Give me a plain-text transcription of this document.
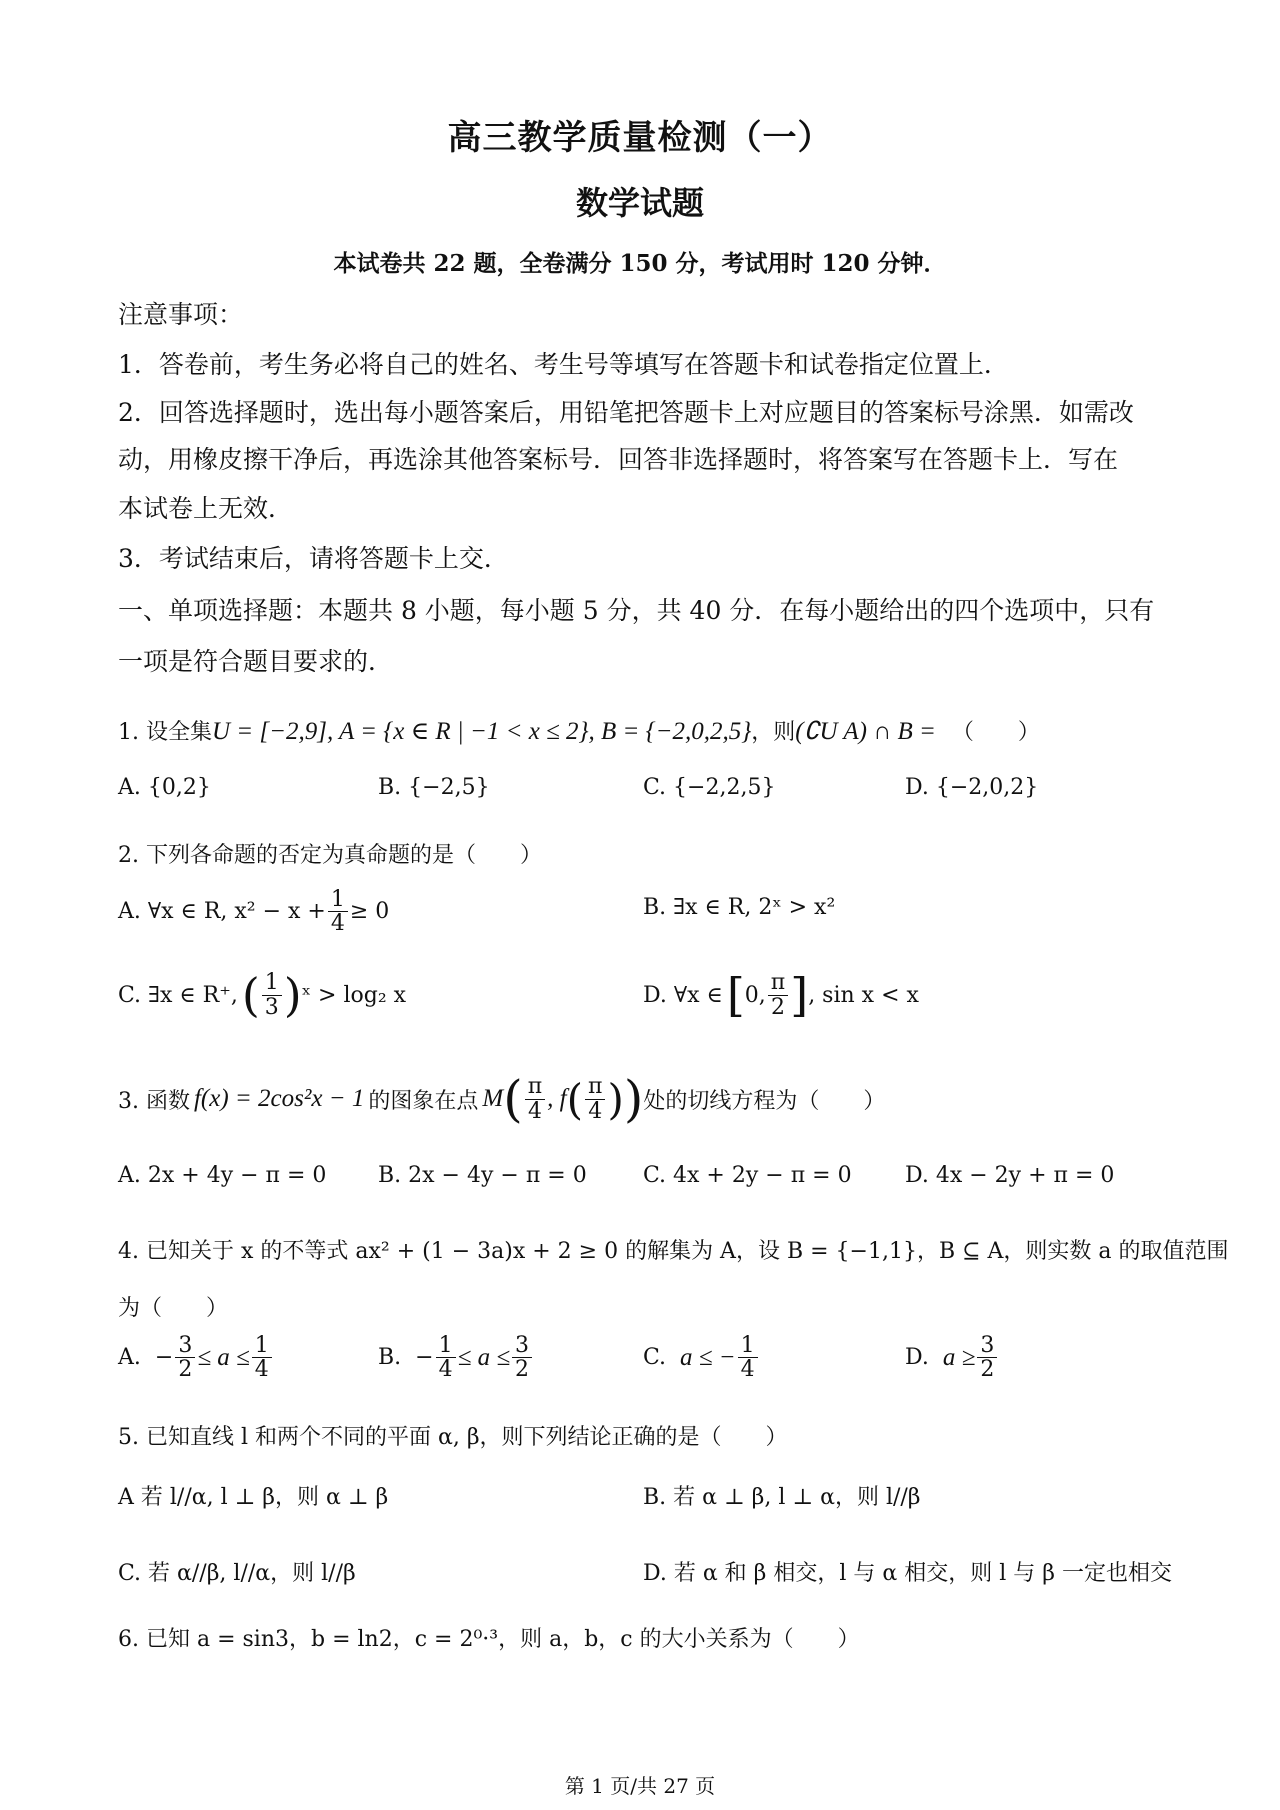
高三教学质量检测（一）
数学试题
本试卷共 22 题，全卷满分 150 分，考试用时 120 分钟．
注意事项：
1．答卷前，考生务必将自己的姓名、考生号等填写在答题卡和试卷指定位置上．
2．回答选择题时，选出每小题答案后，用铅笔把答题卡上对应题目的答案标号涂黑．如需改
动，用橡皮擦干净后，再选涂其他答案标号．回答非选择题时，将答案写在答题卡上．写在
本试卷上无效．
3．考试结束后，请将答题卡上交．
一、单项选择题：本题共 8 小题，每小题 5 分，共 40 分．在每小题给出的四个选项中，只有
一项是符合题目要求的．
1. 设全集U = [−2,9], A = {x ∈ R | −1 < x ≤ 2}, B = {−2,0,2,5}，则(∁U A) ∩ B = （　　）
A. {0,2}	B. {−2,5}	C. {−2,2,5}	D. {−2,0,2}
2. 下列各命题的否定为真命题的是（　　）
A. ∀x ∈ R, $x^2 - x + \frac{1}{4} \ge 0$	B. ∃x ∈ R, 2ˣ > x²
C. ∃x ∈ R⁺, ( $\frac{1}{3}$ ) ˣ > log₂ x	D. ∀x ∈ [ 0, $\frac{\pi}{2}$ ] , sin x < x
3. 函数 f(x) = 2cos²x − 1 的图象在点 M ( $\frac{\pi}{4}$ , f ( $\frac{\pi}{4}$ ) ) 处的切线方程为（　　）
A. 2x + 4y − π = 0 B. 2x − 4y − π = 0	C. 4x + 2y − π = 0 D. 4x − 2y + π = 0
4. 已知关于 x 的不等式 ax² + (1 − 3a)x + 2 ≥ 0 的解集为 A，设 B = {−1,1}，B ⊆ A，则实数 a 的取值范围
为（　　）
A.  − $\frac{3}{2} \le a \le \frac{1}{4}$	B.  − $\frac{1}{4} \le a \le \frac{3}{2}$	C. a ≤ − $\frac{1}{4}$	D. $a \ge \frac{3}{2}$
5. 已知直线 l 和两个不同的平面 α, β，则下列结论正确的是（　　）
A 若 l//α, l ⊥ β，则 α ⊥ β	B. 若 α ⊥ β, l ⊥ α，则 l//β
C. 若 α//β, l//α，则 l//β	D. 若 α 和 β 相交，l 与 α 相交，则 l 与 β 一定也相交
6. 已知 a = sin3，b = ln2，c = 2⁰·³，则 a，b，c 的大小关系为（　　）
第 1 页/共 27 页
